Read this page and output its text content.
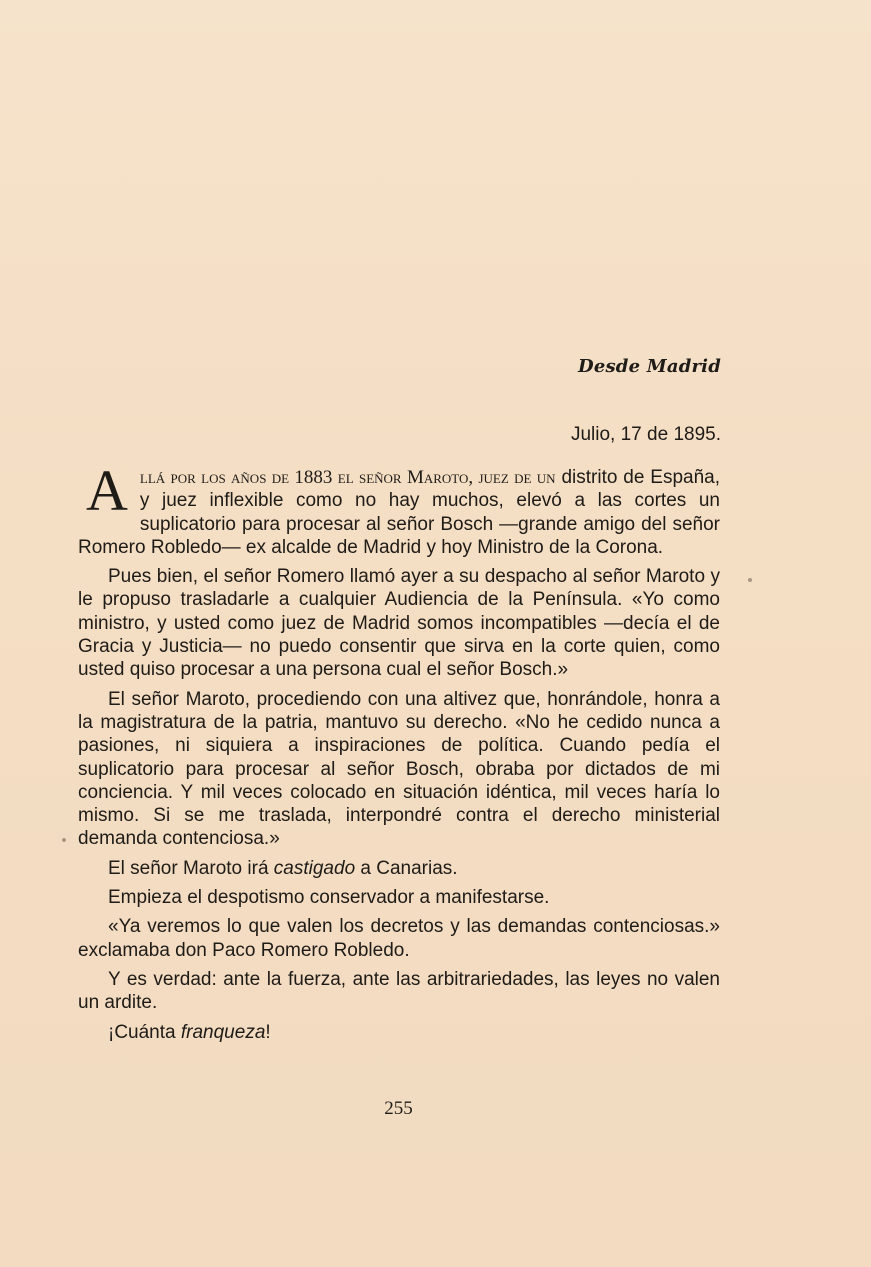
Desde Madrid
Julio, 17 de 1895.

Allá por los años de 1883 el señor Maroto, juez de un distrito de España, y juez inflexible como no hay muchos, elevó a las cortes un suplicatorio para procesar al señor Bosch —grande amigo del señor Romero Robledo— ex alcalde de Madrid y hoy Ministro de la Corona.

Pues bien, el señor Romero llamó ayer a su despacho al señor Maroto y le propuso trasladarle a cualquier Audiencia de la Península. «Yo como ministro, y usted como juez de Madrid somos incompatibles —decía el de Gracia y Justicia— no puedo consentir que sirva en la corte quien, como usted quiso procesar a una persona cual el señor Bosch.»

El señor Maroto, procediendo con una altivez que, honrándole, honra a la magistratura de la patria, mantuvo su derecho. «No he cedido nunca a pasiones, ni siquiera a inspiraciones de política. Cuando pedía el suplicatorio para procesar al señor Bosch, obraba por dictados de mi conciencia. Y mil veces colocado en situación idéntica, mil veces haría lo mismo. Si se me traslada, interpondré contra el derecho ministerial demanda contenciosa.»

El señor Maroto irá castigado a Canarias.

Empieza el despotismo conservador a manifestarse.

«Ya veremos lo que valen los decretos y las demandas contenciosas.» exclamaba don Paco Romero Robledo.

Y es verdad: ante la fuerza, ante las arbitrariedades, las leyes no valen un ardite.

¡Cuánta franqueza!

255
